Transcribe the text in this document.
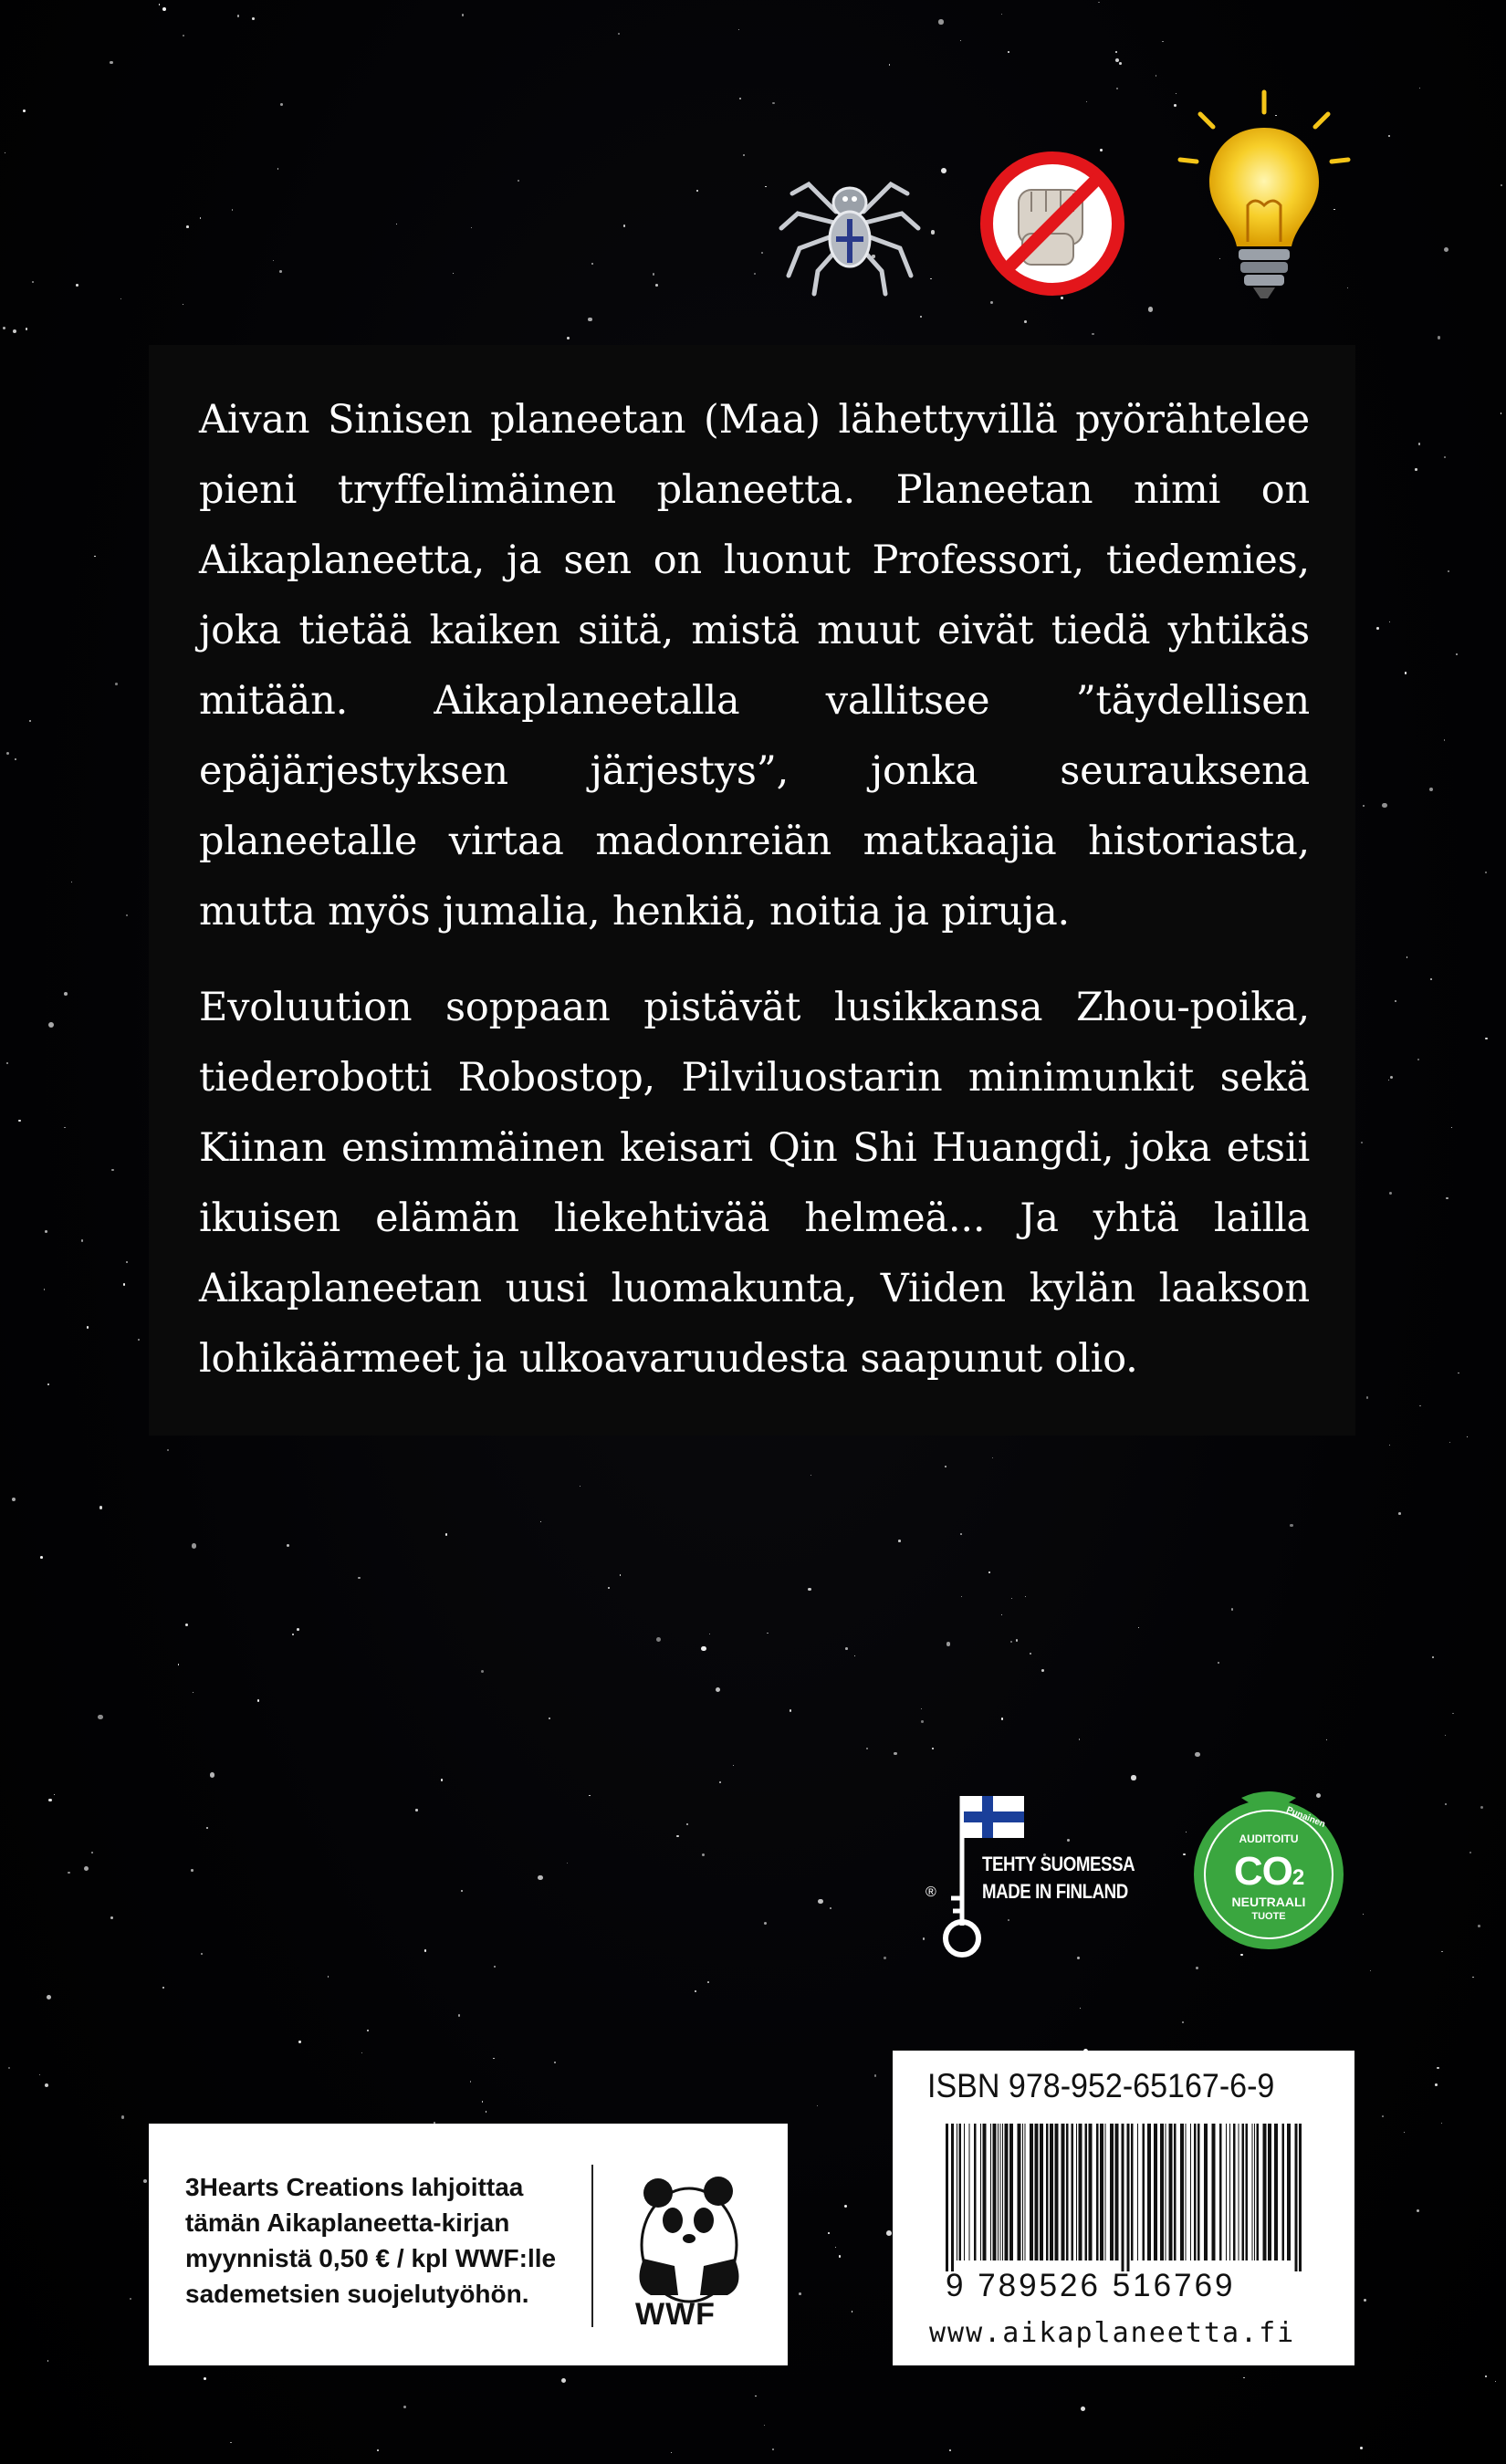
Aivan Sinisen planeetan (Maa) lähettyvillä pyörähtelee pieni tryffelimäinen planeetta. Planeetan nimi on Aikaplaneetta, ja sen on luonut Professori, tiedemies, joka tietää kaiken siitä, mistä muut eivät tiedä yhtikäs mitään. Aikaplaneetalla vallitsee ”täydellisen epäjärjestyksen järjestys”, jonka seurauksena planeetalle virtaa madonreiän matkaajia historiasta, mutta myös jumalia, henkiä, noitia ja piruja.

Evoluution soppaan pistävät lusikkansa Zhou-poika, tiederobotti Robostop, Pilviluostarin minimunkit sekä Kiinan ensimmäinen keisari Qin Shi Huangdi, joka etsii ikuisen elämän liekehtivää helmeä... Ja yhtä lailla Aikaplaneetan uusi luomakunta, Viiden kylän laakson lohikäärmeet ja ulkoavaruudesta saapunut olio.

TEHTY SUOMESSA
MADE IN FINLAND
®
Punainen
AUDITOITU
CO2
NEUTRAALI
TUOTE
3Hearts Creations lahjoittaa tämän Aikaplaneetta-kirjan myynnistä 0,50 € / kpl WWF:lle sademetsien suojelutyöhön.
WWF
ISBN 978-952-65167-6-9
9 789526 516769
www.aikaplaneetta.fi
